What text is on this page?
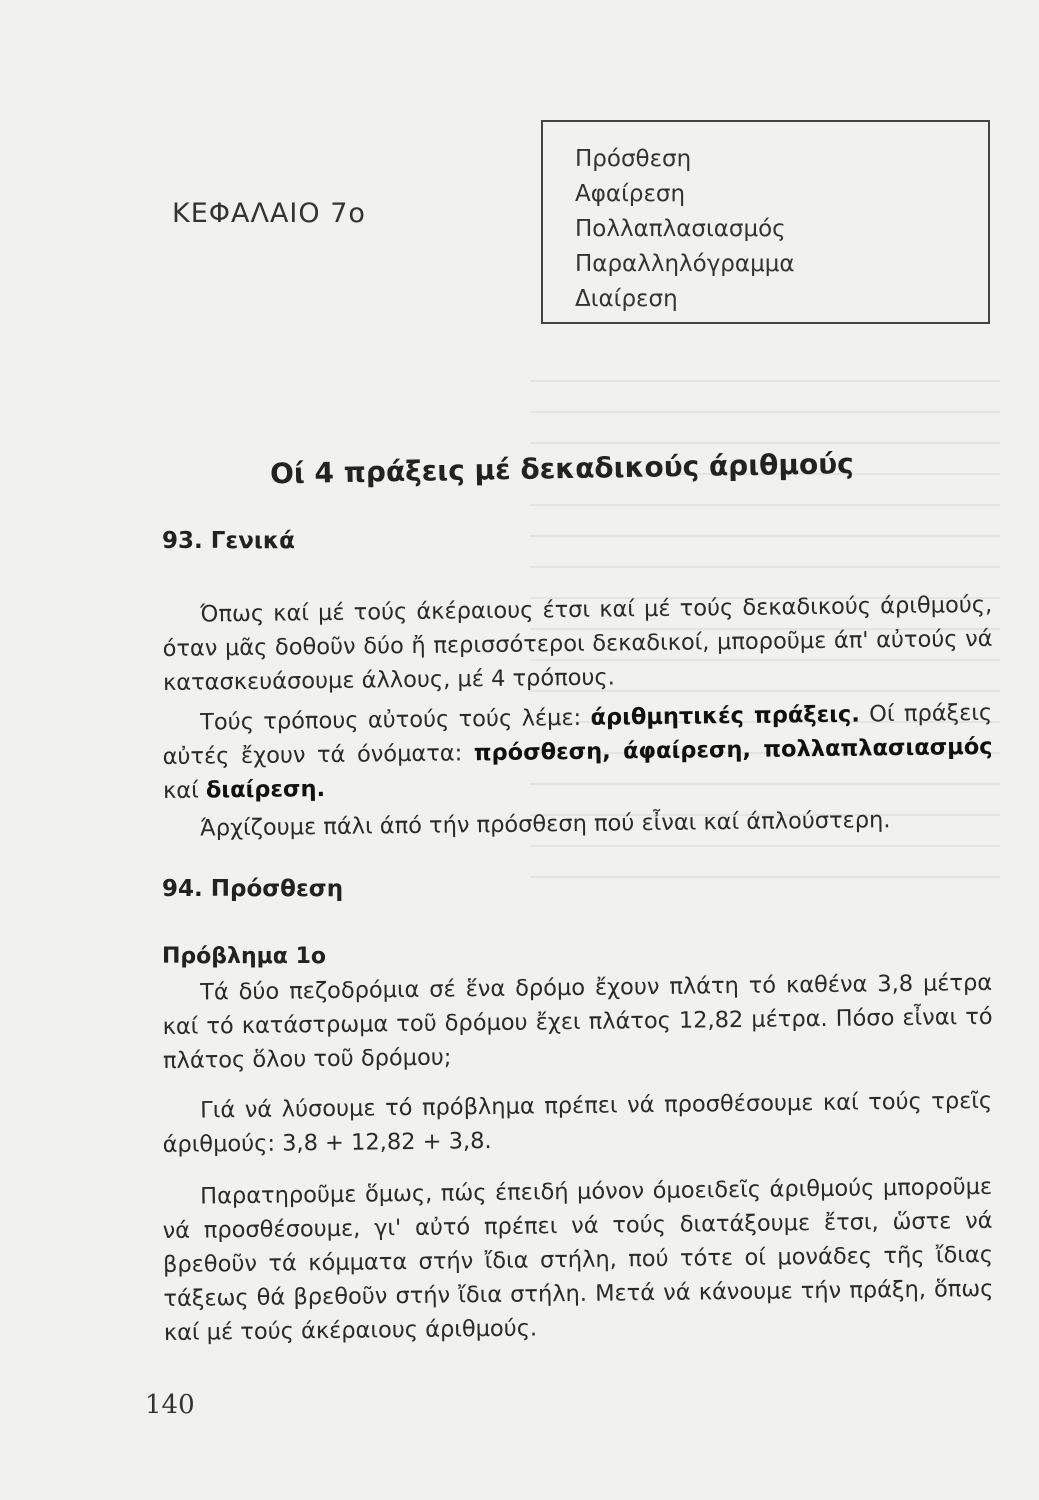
ΚΕΦΑΛΑΙΟ 7ο
Πρόσθεση
Αφαίρεση
Πολλαπλασιασμός
Παραλληλόγραμμα
Διαίρεση
Οί 4 πράξεις μέ δεκαδικούς άριθμούς
93. Γενικά
Όπως καί μέ τούς άκέραιους έτσι καί μέ τούς δεκαδικούς άριθμούς, όταν μᾶς δοθοῦν δύο ἤ περισσότεροι δεκαδικοί, μποροῦμε άπ' αὐτούς νά κατασκευάσουμε άλλους, μέ 4 τρόπους.
Τούς τρόπους αὐτούς τούς λέμε: άριθμητικές πράξεις. Οί πράξεις αὐτές ἔχουν τά όνόματα: πρόσθεση, άφαίρεση, πολλαπλασιασμός καί διαίρεση.
Άρχίζουμε πάλι άπό τήν πρόσθεση πού εἶναι καί άπλούστερη.
94. Πρόσθεση
Πρόβλημα 1ο
Τά δύο πεζοδρόμια σέ ἕνα δρόμο ἔχουν πλάτη τό καθένα 3,8 μέτρα καί τό κατάστρωμα τοῦ δρόμου ἔχει πλάτος 12,82 μέτρα. Πόσο εἶναι τό πλάτος ὅλου τοῦ δρόμου;
Γιά νά λύσουμε τό πρόβλημα πρέπει νά προσθέσουμε καί τούς τρεῖς άριθμούς: 3,8 + 12,82 + 3,8.
Παρατηροῦμε ὅμως, πώς έπειδή μόνον όμοειδεῖς άριθμούς μποροῦμε νά προσθέσουμε, γι' αὐτό πρέπει νά τούς διατάξουμε ἔτσι, ὥστε νά βρεθοῦν τά κόμματα στήν ἴδια στήλη, πού τότε οί μονάδες τῆς ἴδιας τάξεως θά βρεθοῦν στήν ἴδια στήλη. Μετά νά κάνουμε τήν πράξη, ὅπως καί μέ τούς άκέραιους άριθμούς.
140
